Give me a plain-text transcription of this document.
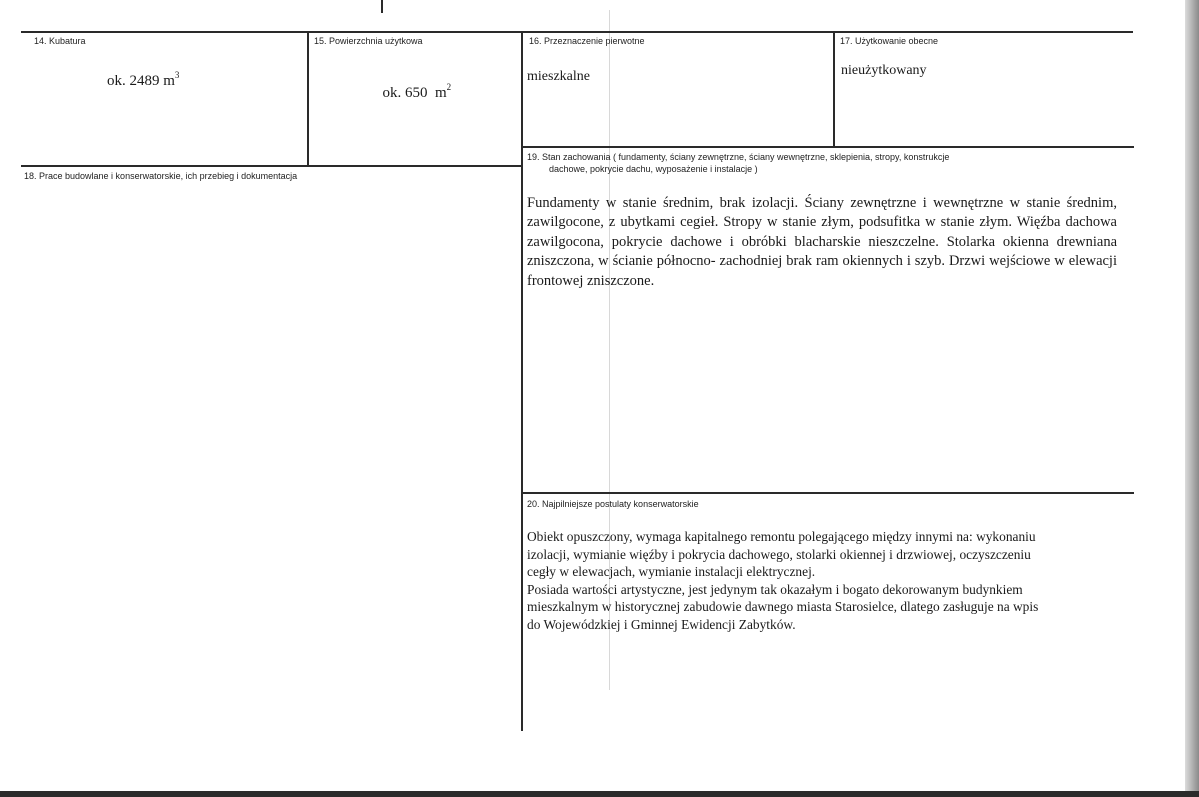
14. Kubatura
ok. 2489 $m^3$
15. Powierzchnia użytkowa

ok. 650  $m^2$

16. Przeznaczenie pierwotne
mieszkalne
17. Użytkowanie obecne
nieużytkowany
18. Prace budowlane i konserwatorskie, ich przebieg i dokumentacja
19. Stan zachowania ( fundamenty, ściany zewnętrzne, ściany wewnętrzne, sklepienia, stropy, konstrukcje
dachowe, pokrycie dachu, wyposażenie i instalacje )
Fundamenty w stanie średnim, brak izolacji. Ściany zewnętrzne i wewnętrzne w stanie średnim, zawilgocone, z ubytkami cegieł. Stropy w stanie złym, podsufitka w stanie złym. Więźba dachowa zawilgocona, pokrycie dachowe i obróbki blacharskie nieszczelne. Stolarka okienna drewniana zniszczona, w ścianie północno- zachodniej brak ram okiennych i szyb. Drzwi wejściowe w elewacji frontowej zniszczone.
20. Najpilniejsze postulaty konserwatorskie
Obiekt opuszczony, wymaga kapitalnego remontu polegającego między innymi na: wykonaniu
izolacji, wymianie więźby i pokrycia dachowego, stolarki okiennej i drzwiowej, oczyszczeniu
cegły w elewacjach, wymianie instalacji elektrycznej.
Posiada wartości artystyczne, jest jedynym tak okazałym i bogato dekorowanym budynkiem
mieszkalnym w historycznej zabudowie dawnego miasta Starosielce, dlatego zasługuje na wpis
do Wojewódzkiej i Gminnej Ewidencji Zabytków.
